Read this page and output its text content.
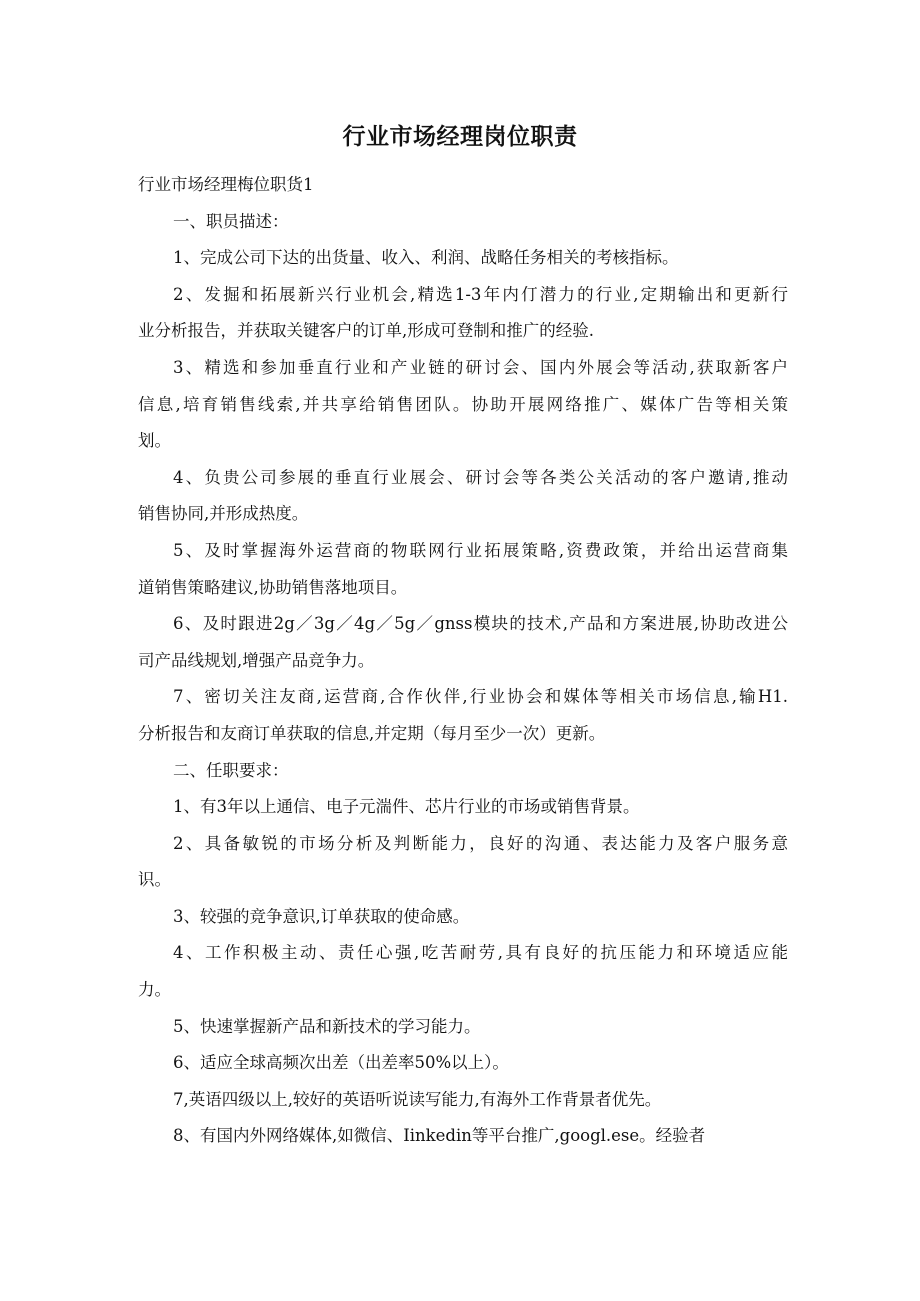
行业市场经理岗位职责
行业市场经理梅位职货1
一、职员描述：
1、完成公司下达的出货量、收入、利润、战略任务相关的考核指标。
2、发掘和拓展新兴行业机会,精选1-3年内仃潜力的行业,定期输出和更新行
业分析报告，并获取关键客户的订单,形成可登制和推广的经验.
3、精选和参加垂直行业和产业链的研讨会、国内外展会等活动,获取新客户
信息,培育销售线索,并共享给销售团队。协助开展网络推广、媒体广告等相关策
划。
4、负贵公司参展的垂直行业展会、研讨会等各类公关活动的客户邀请,推动
销售协同,并形成热度。
5、及时掌握海外运营商的物联网行业拓展策略,资费政策，并给出运营商集
道销售策略建议,协助销售落地项目。
6、及时跟进2g／3g／4g／5g／gnss模块的技术,产品和方案进展,协助改进公
司产品线规划,增强产品竞争力。
7、密切关注友商,运营商,合作伙伴,行业协会和媒体等相关市场信息,输H1.
分析报告和友商订单获取的信息,并定期（每月至少一次）更新。
二、任职要求：
1、有3年以上通信、电子元湍件、芯片行业的市场或销售背景。
2、具备敏锐的市场分析及判断能力，良好的沟通、表达能力及客户服务意
识。
3、较强的竞争意识,订单获取的使命感。
4、工作积极主动、责任心强,吃苦耐劳,具有良好的抗压能力和环境适应能
力。
5、快速掌握新产品和新技术的学习能力。
6、适应全球高频次出差（出差率50%以上）。
7,英语四级以上,较好的英语听说读写能力,有海外工作背景者优先。
8、有国内外网络媒体,如微信、Iinkedin等平台推广,googl.ese。经验者
